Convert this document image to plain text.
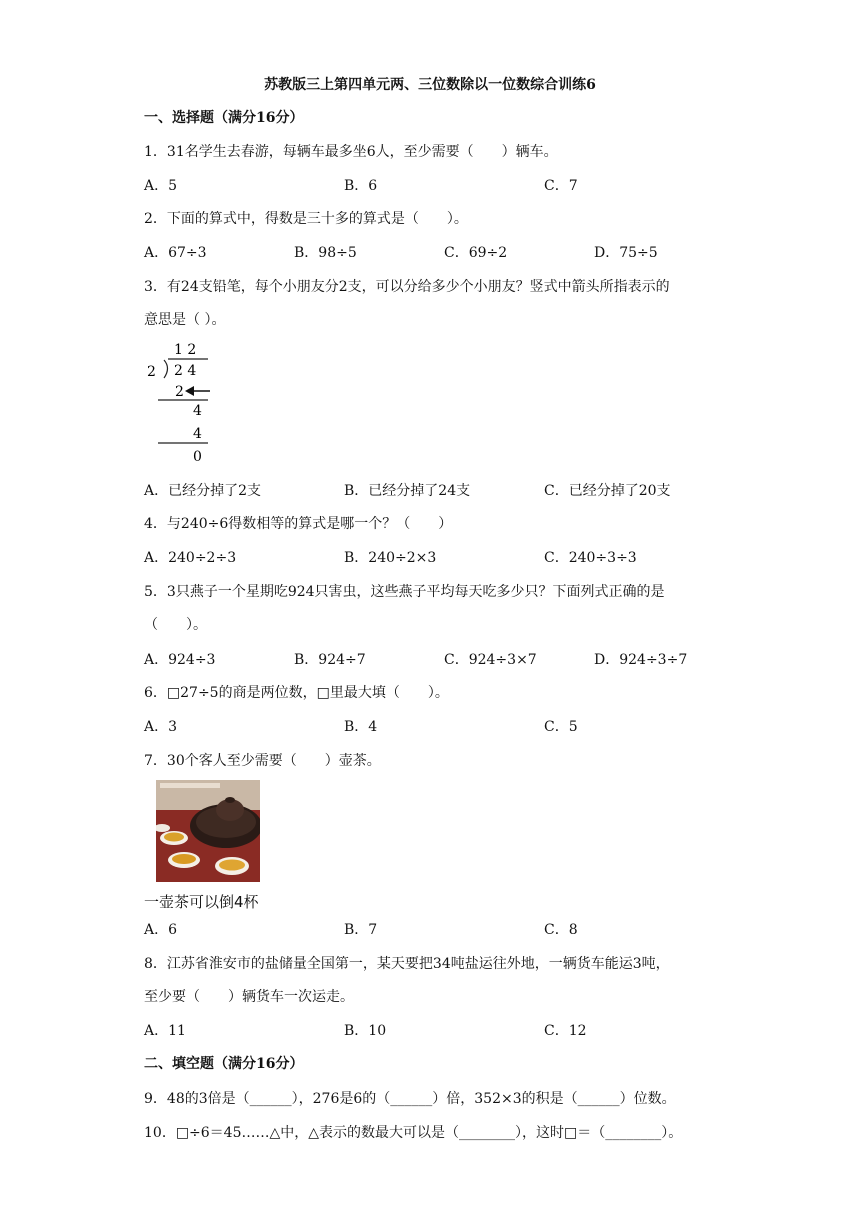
苏教版三上第四单元两、三位数除以一位数综合训练6
一、选择题（满分16分）
1．31名学生去春游，每辆车最多坐6人，至少需要（　　）辆车。
A．5	B．6	C．7
2．下面的算式中，得数是三十多的算式是（　　）。
A．67÷3	B．98÷5	C．69÷2	D．75÷5
3．有24支铅笔，每个小朋友分2支，可以分给多少个小朋友？竖式中箭头所指表示的
意思是（ ）。
1 2
2 2 4
2
4
4
0
A．已经分掉了2支	B．已经分掉了24支	C．已经分掉了20支
4．与240÷6得数相等的算式是哪一个？（　　）
A．240÷2÷3	B．240÷2×3	C．240÷3÷3
5．3只燕子一个星期吃924只害虫，这些燕子平均每天吃多少只？下面列式正确的是
（　　）。
A．924÷3	B．924÷7	C．924÷3×7	D．924÷3÷7
6．□27÷5的商是两位数，□里最大填（　　）。
A．3	B．4	C．5
7．30个客人至少需要（　　）壶茶。
一壶茶可以倒4杯
A．6	B．7	C．8
8．江苏省淮安市的盐储量全国第一，某天要把34吨盐运往外地，一辆货车能运3吨，
至少要（　　）辆货车一次运走。
A．11	B．10	C．12
二、填空题（满分16分）
9．48的3倍是（______），276是6的（______）倍，352×3的积是（______）位数。
10．□÷6＝45……△中，△表示的数最大可以是（________），这时□＝（________）。
